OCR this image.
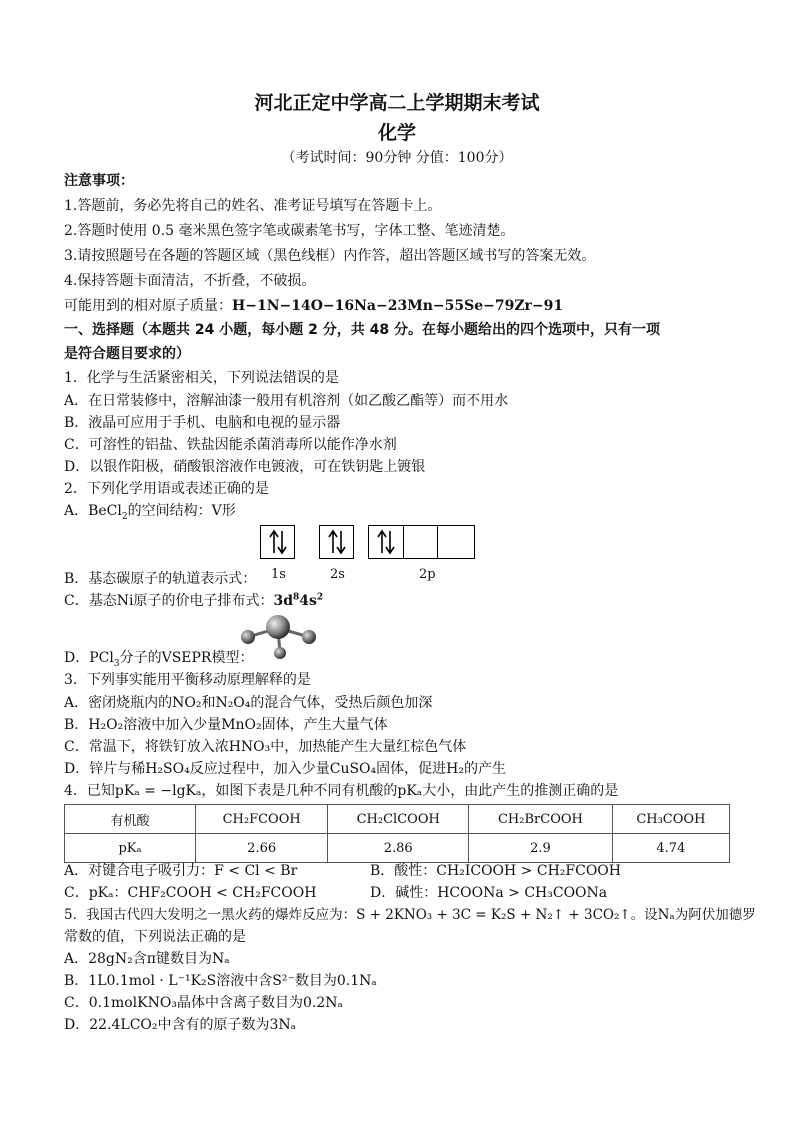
河北正定中学高二上学期期末考试
化学
（考试时间：90分钟 分值：100分）
注意事项：
1.答题前，务必先将自己的姓名、准考证号填写在答题卡上。
2.答题时使用 0.5 毫米黑色签字笔或碳素笔书写，字体工整、笔迹清楚。
3.请按照题号在各题的答题区域（黑色线框）内作答，超出答题区域书写的答案无效。
4.保持答题卡面清洁，不折叠，不破损。
可能用到的相对原子质量：H−1N−14O−16Na−23Mn−55Se−79Zr−91
一、选择题（本题共 24 小题，每小题 2 分，共 48 分。在每小题给出的四个选项中，只有一项
是符合题目要求的）
1．化学与生活紧密相关，下列说法错误的是
A．在日常装修中，溶解油漆一般用有机溶剂（如乙酸乙酯等）而不用水
B．液晶可应用于手机、电脑和电视的显示器
C．可溶性的铝盐、铁盐因能杀菌消毒所以能作净水剂
D．以银作阳极，硝酸银溶液作电镀液，可在铁钥匙上镀银
2．下列化学用语或表述正确的是
A．BeCl$_2$的空间结构：V形
1s	2s	2p
B．基态碳原子的轨道表示式：
C．基态Ni原子的价电子排布式：$3d^84s^2$
D．PCl$_3$分子的VSEPR模型：
3．下列事实能用平衡移动原理解释的是
A．密闭烧瓶内的NO₂和N₂O₄的混合气体，受热后颜色加深
B．H₂O₂溶液中加入少量MnO₂固体，产生大量气体
C．常温下，将铁钉放入浓HNO₃中，加热能产生大量红棕色气体
D．锌片与稀H₂SO₄反应过程中，加入少量CuSO₄固体，促进H₂的产生
4．已知pKₐ = −lgKₐ，如图下表是几种不同有机酸的pKₐ大小，由此产生的推测正确的是
有机酸	CH₂FCOOH	CH₂ClCOOH	CH₂BrCOOH	CH₃COOH
pKₐ	2.66	2.86	2.9	4.74
A．对键合电子吸引力：F < Cl < Br	B．酸性：CH₂ICOOH > CH₂FCOOH
C．pKₐ：CHF₂COOH < CH₂FCOOH	D．碱性：HCOONa > CH₃COONa
5．我国古代四大发明之一黑火药的爆炸反应为：S + 2KNO₃ + 3C = K₂S + N₂↑ + 3CO₂↑。设Nₐ为阿伏加德罗
常数的值，下列说法正确的是
A．28gN₂含π键数目为Nₐ
B．1L0.1mol · L⁻¹K₂S溶液中含S²⁻数目为0.1Nₐ
C．0.1molKNO₃晶体中含离子数目为0.2Nₐ
D．22.4LCO₂中含有的原子数为3Nₐ
